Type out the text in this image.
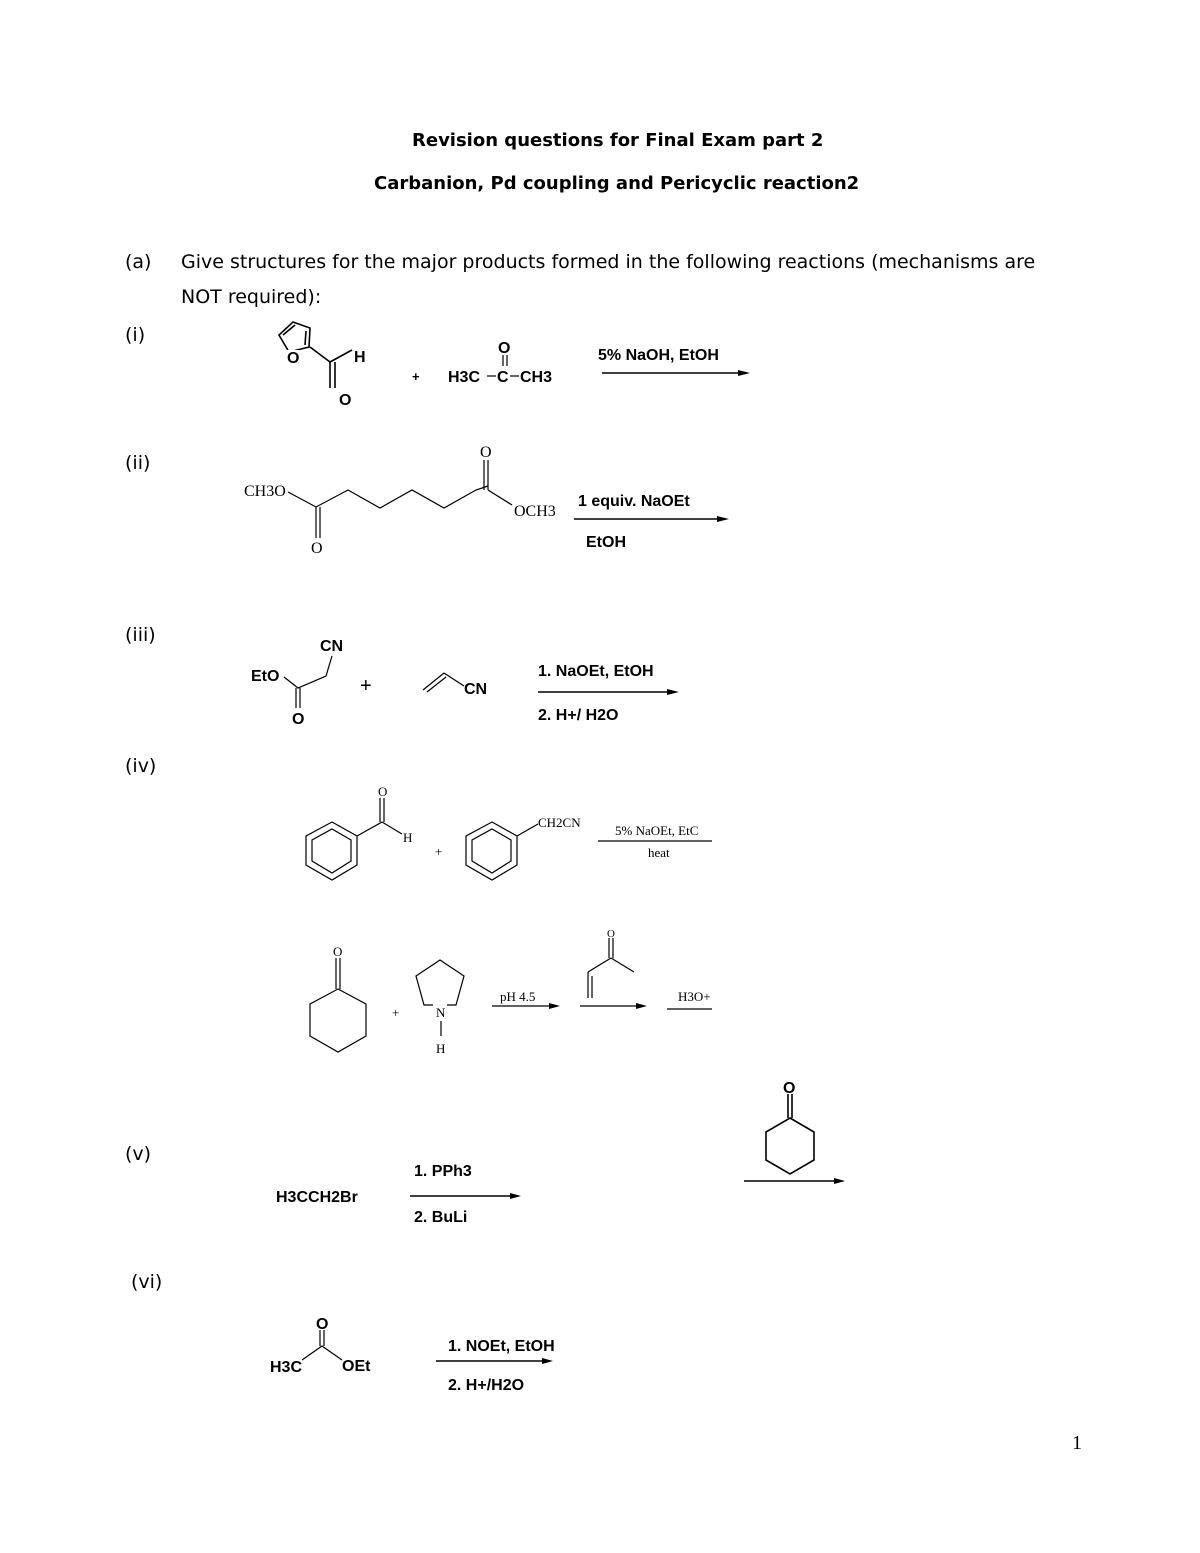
Revision questions for Final Exam part 2
Carbanion, Pd coupling and Pericyclic reaction2
(a) Give structures for the major products formed in the following reactions (mechanisms are
NOT required):
(i)
(ii)
(iii)
(iv)
(v)
(vi)
O	H
O
+ H3C C CH3
O	5% NaOH, EtOH
CH3O
O
O
OCH3
1 equiv. NaOEt
EtOH
EtO
O
CN
+	CN
1. NaOEt, EtOH
2. H+/ H2O
O
H
+
CH2CN
5% NaOEt, EtC
heat
O
+	N
H
pH 4.5
O
H3O+
H3CCH2Br
1. PPh3
2. BuLi
O
H3C
O
OEt
1. NOEt, EtOH
2. H+/H2O
1
